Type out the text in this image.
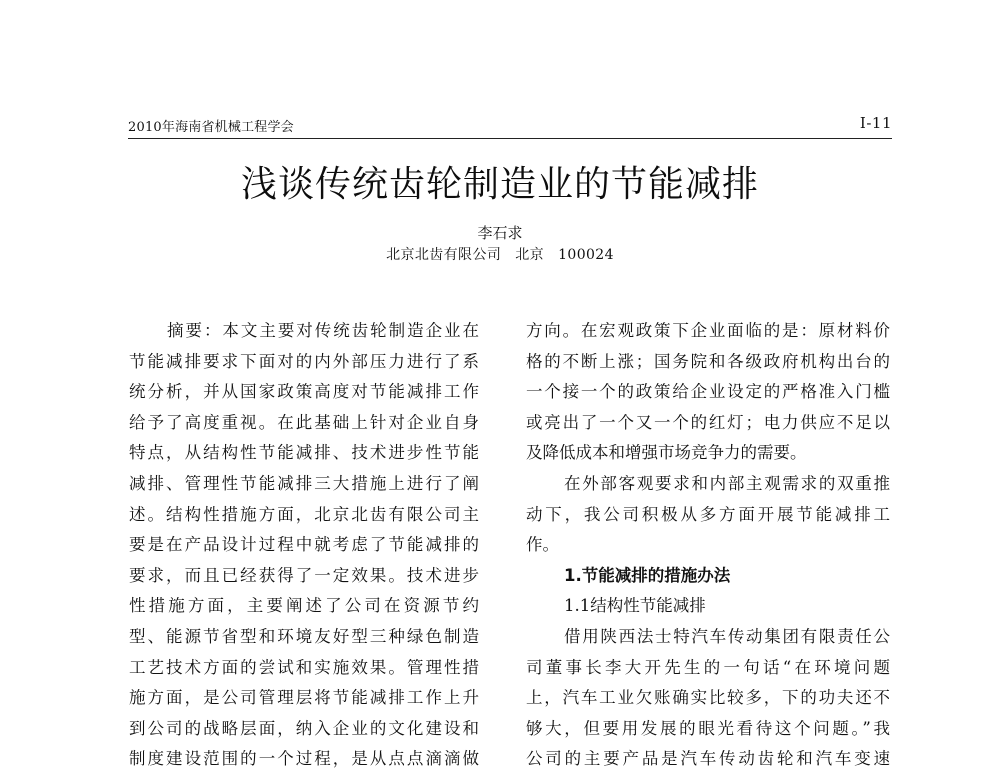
2010年海南省机械工程学会	Ⅰ-11
浅谈传统齿轮制造业的节能减排
李石求
北京北齿有限公司 北京 100024
摘要：本文主要对传统齿轮制造企业在
节能减排要求下面对的内外部压力进行了系
统分析，并从国家政策高度对节能减排工作
给予了高度重视。在此基础上针对企业自身
特点，从结构性节能减排、技术进步性节能
减排、管理性节能减排三大措施上进行了阐
述。结构性措施方面，北京北齿有限公司主
要是在产品设计过程中就考虑了节能减排的
要求，而且已经获得了一定效果。技术进步
性措施方面，主要阐述了公司在资源节约
型、能源节省型和环境友好型三种绿色制造
工艺技术方面的尝试和实施效果。管理性措
施方面，是公司管理层将节能减排工作上升
到公司的战略层面，纳入企业的文化建设和
制度建设范围的一个过程，是从点点滴滴做
方向。在宏观政策下企业面临的是：原材料价
格的不断上涨；国务院和各级政府机构出台的
一个接一个的政策给企业设定的严格准入门槛
或亮出了一个又一个的红灯；电力供应不足以
及降低成本和增强市场竞争力的需要。
在外部客观要求和内部主观需求的双重推
动下，我公司积极从多方面开展节能减排工
作。
1.节能减排的措施办法
1.1结构性节能减排
借用陕西法士特汽车传动集团有限责任公
司董事长李大开先生的一句话“在环境问题
上，汽车工业欠账确实比较多，下的功夫还不
够大，但要用发展的眼光看待这个问题。”我
公司的主要产品是汽车传动齿轮和汽车变速
